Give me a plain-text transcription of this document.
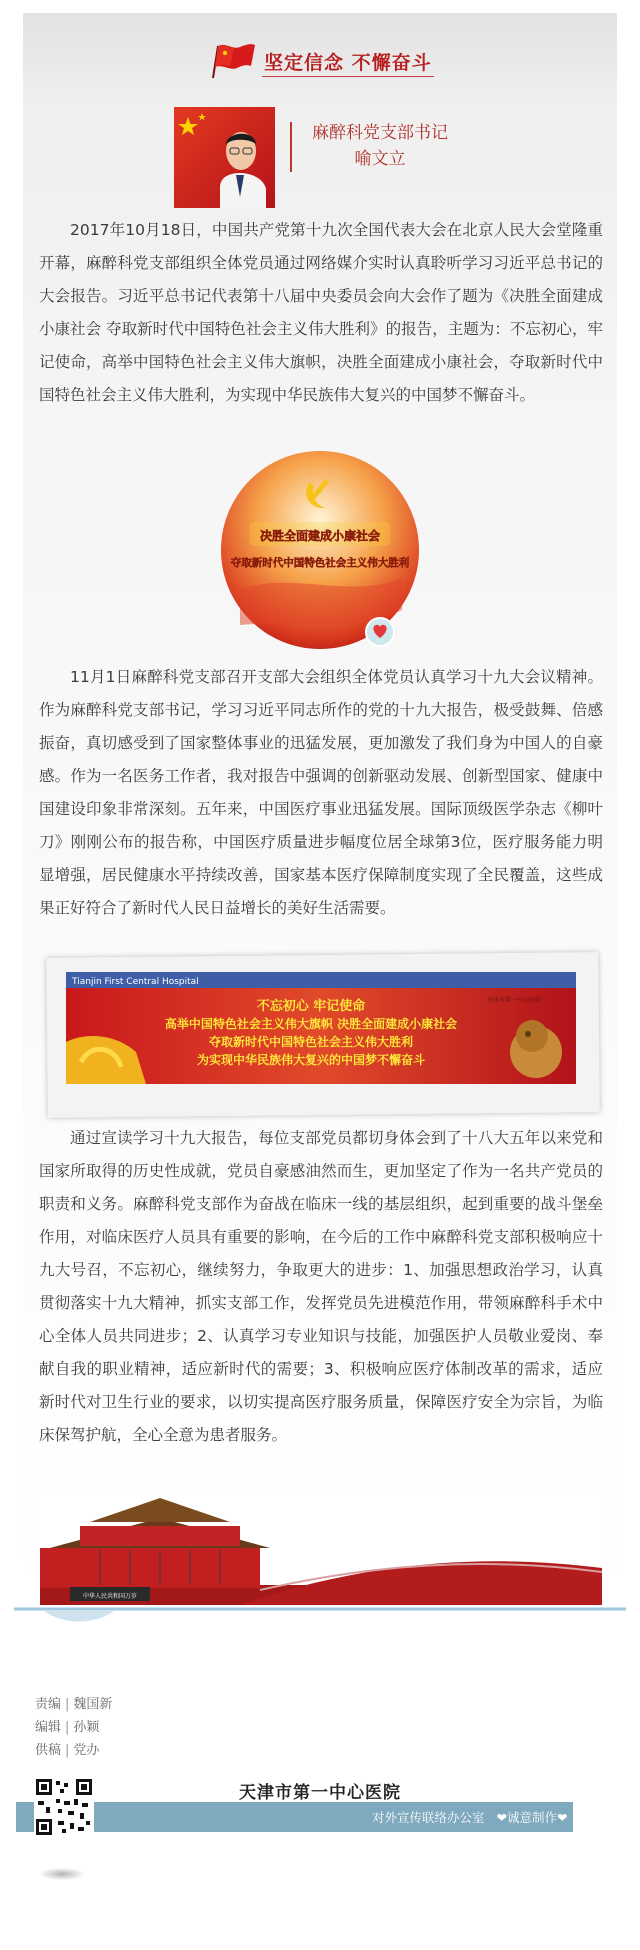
坚定信念 不懈奋斗
麻醉科党支部书记
喻文立

2017年10月18日，中国共产党第十九次全国代表大会在北京人民大会堂隆重开幕，麻醉科党支部组织全体党员通过网络媒介实时认真聆听学习习近平总书记的大会报告。习近平总书记代表第十八届中央委员会向大会作了题为《决胜全面建成小康社会 夺取新时代中国特色社会主义伟大胜利》的报告，主题为：不忘初心，牢记使命，高举中国特色社会主义伟大旗帜，决胜全面建成小康社会，夺取新时代中国特色社会主义伟大胜利，为实现中华民族伟大复兴的中国梦不懈奋斗。

决胜全面建成小康社会
夺取新时代中国特色社会主义伟大胜利

11月1日麻醉科党支部召开支部大会组织全体党员认真学习十九大会议精神。作为麻醉科党支部书记，学习习近平同志所作的党的十九大报告，极受鼓舞、倍感振奋，真切感受到了国家整体事业的迅猛发展，更加激发了我们身为中国人的自豪感。作为一名医务工作者，我对报告中强调的创新驱动发展、创新型国家、健康中国建设印象非常深刻。五年来，中国医疗事业迅猛发展。国际顶级医学杂志《柳叶刀》刚刚公布的报告称，中国医疗质量进步幅度位居全球第3位，医疗服务能力明显增强，居民健康水平持续改善，国家基本医疗保障制度实现了全民覆盖，这些成果正好符合了新时代人民日益增长的美好生活需要。

Tianjin First Central Hospital
天津市第一中心医院
不忘初心 牢记使命
高举中国特色社会主义伟大旗帜 决胜全面建成小康社会
夺取新时代中国特色社会主义伟大胜利
为实现中华民族伟大复兴的中国梦不懈奋斗

通过宣读学习十九大报告，每位支部党员都切身体会到了十八大五年以来党和国家所取得的历史性成就，党员自豪感油然而生，更加坚定了作为一名共产党员的职责和义务。麻醉科党支部作为奋战在临床一线的基层组织，起到重要的战斗堡垒作用，对临床医疗人员具有重要的影响，在今后的工作中麻醉科党支部积极响应十九大号召，不忘初心，继续努力，争取更大的进步：1、加强思想政治学习，认真贯彻落实十九大精神，抓实支部工作，发挥党员先进模范作用，带领麻醉科手术中心全体人员共同进步；2、认真学习专业知识与技能，加强医护人员敬业爱岗、奉献自我的职业精神，适应新时代的需要；3、积极响应医疗体制改革的需求，适应新时代对卫生行业的要求，以切实提高医疗服务质量，保障医疗安全为宗旨，为临床保驾护航，全心全意为患者服务。

中华人民共和国万岁
责编 | 魏国新
编辑 | 孙颖
供稿 | 党办
天津市第一中心医院
对外宣传联络办公室 ❤诚意制作❤
